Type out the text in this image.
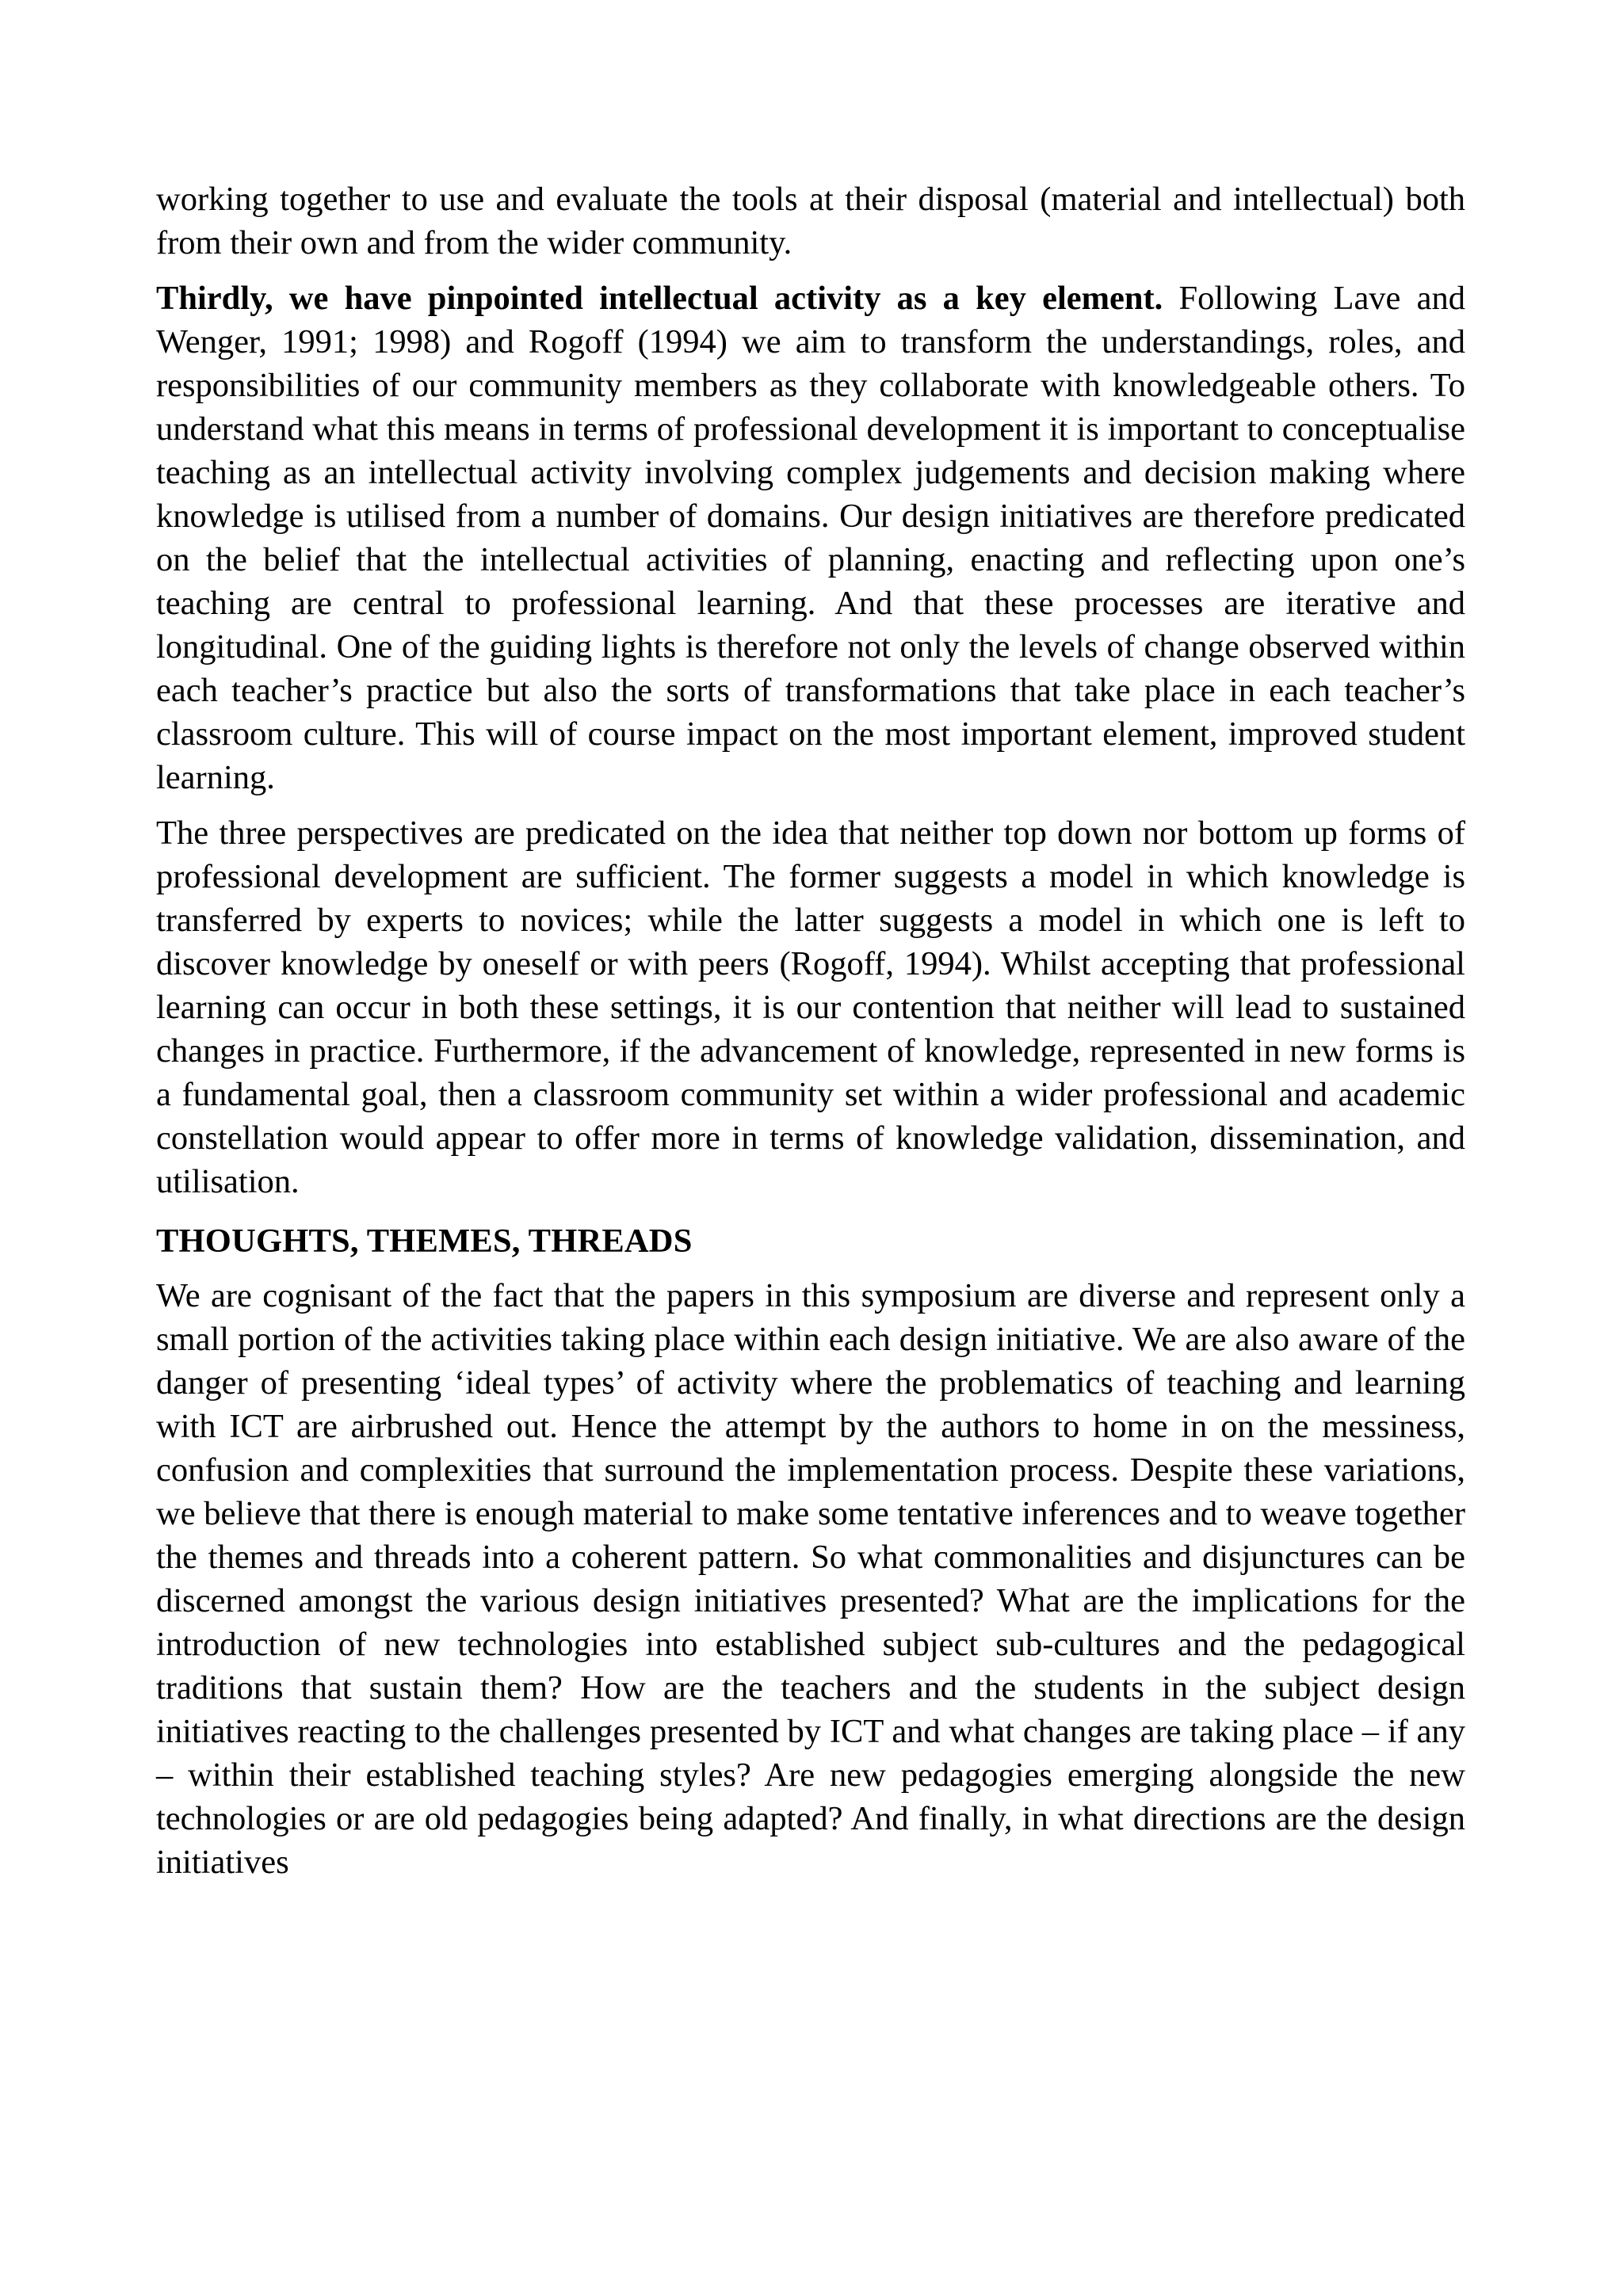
working together to use and evaluate the tools at their disposal (material and intellectual) both from their own and from the wider community.

Thirdly, we have pinpointed intellectual activity as a key element. Following Lave and Wenger, 1991; 1998) and Rogoff (1994) we aim to transform the understandings, roles, and responsibilities of our community members as they collaborate with knowledgeable others. To understand what this means in terms of professional development it is important to conceptualise teaching as an intellectual activity involving complex judgements and decision making where knowledge is utilised from a number of domains. Our design initiatives are therefore predicated on the belief that the intellectual activities of planning, enacting and reflecting upon one’s teaching are central to professional learning. And that these processes are iterative and longitudinal. One of the guiding lights is therefore not only the levels of change observed within each teacher’s practice but also the sorts of transformations that take place in each teacher’s classroom culture. This will of course impact on the most important element, improved student learning.

The three perspectives are predicated on the idea that neither top down nor bottom up forms of professional development are sufficient. The former suggests a model in which knowledge is transferred by experts to novices; while the latter suggests a model in which one is left to discover knowledge by oneself or with peers (Rogoff, 1994). Whilst accepting that professional learning can occur in both these settings, it is our contention that neither will lead to sustained changes in practice. Furthermore, if the advancement of knowledge, represented in new forms is a fundamental goal, then a classroom community set within a wider professional and academic constellation would appear to offer more in terms of knowledge validation, dissemination, and utilisation.

THOUGHTS, THEMES, THREADS

We are cognisant of the fact that the papers in this symposium are diverse and represent only a small portion of the activities taking place within each design initiative. We are also aware of the danger of presenting ‘ideal types’ of activity where the problematics of teaching and learning with ICT are airbrushed out. Hence the attempt by the authors to home in on the messiness, confusion and complexities that surround the implementation process. Despite these variations, we believe that there is enough material to make some tentative inferences and to weave together the themes and threads into a coherent pattern. So what commonalities and disjunctures can be discerned amongst the various design initiatives presented? What are the implications for the introduction of new technologies into established subject sub-cultures and the pedagogical traditions that sustain them? How are the teachers and the students in the subject design initiatives reacting to the challenges presented by ICT and what changes are taking place – if any – within their established teaching styles? Are new pedagogies emerging alongside the new technologies or are old pedagogies being adapted? And finally, in what directions are the design initiatives
